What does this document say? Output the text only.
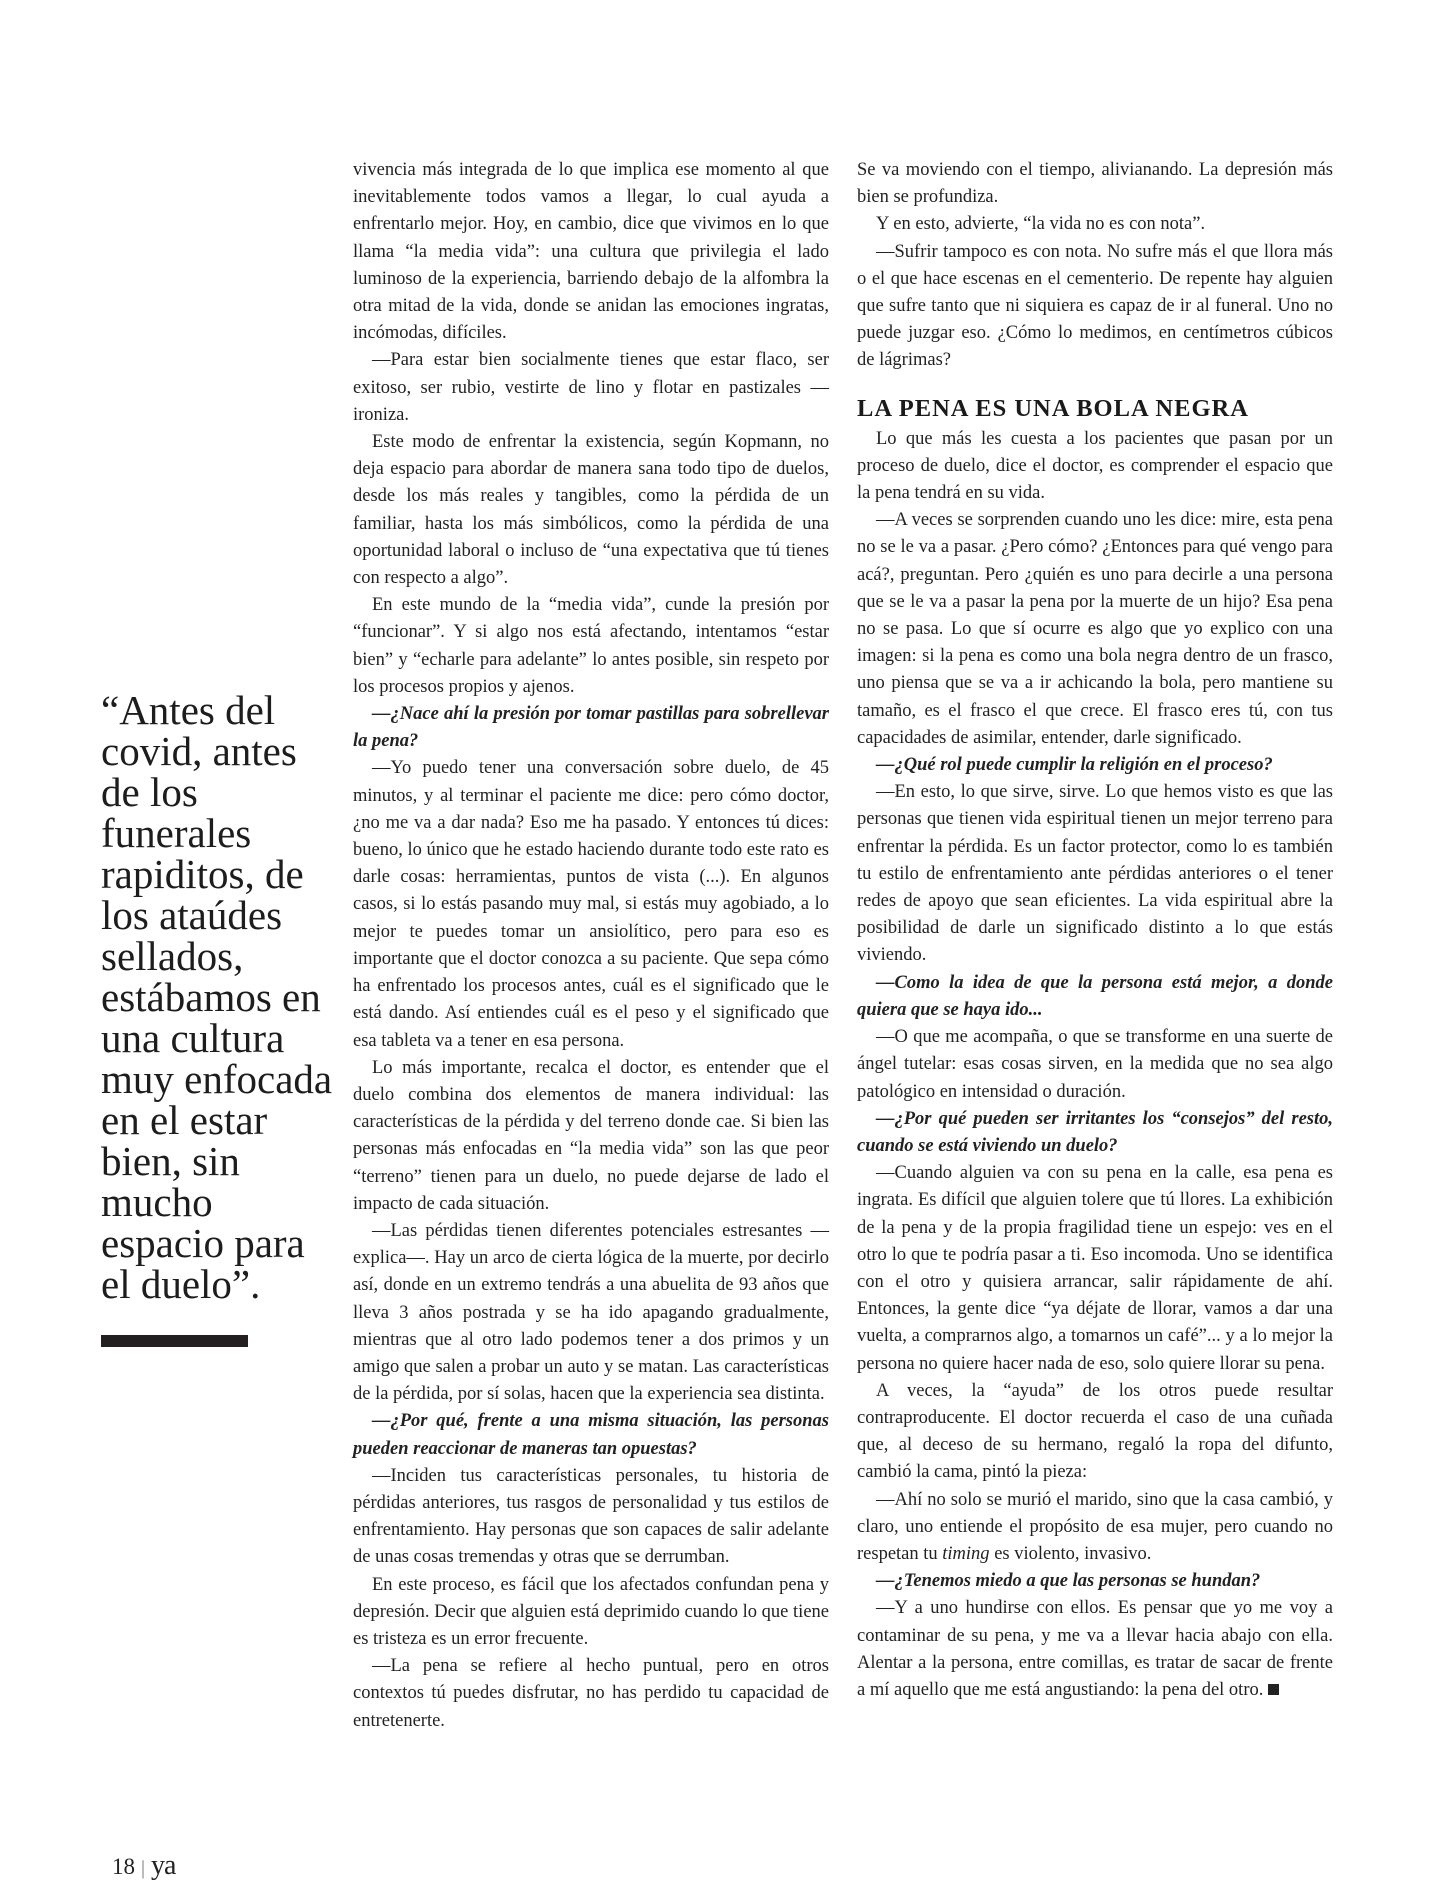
“Antes del covid, antes de los funerales rapiditos, de los ataúdes sellados, estábamos en una cultura muy enfocada en el estar bien, sin mucho espacio para el duelo”.

vivencia más integrada de lo que implica ese momento al que inevitablemente todos vamos a llegar, lo cual ayuda a enfrentarlo mejor. Hoy, en cambio, dice que vivimos en lo que llama “la media vida”: una cultura que privilegia el lado luminoso de la experiencia, barriendo debajo de la alfombra la otra mitad de la vida, donde se anidan las emociones ingratas, incómodas, difíciles.

—Para estar bien socialmente tienes que estar flaco, ser exitoso, ser rubio, vestirte de lino y flotar en pastizales —ironiza.

Este modo de enfrentar la existencia, según Kopmann, no deja espacio para abordar de manera sana todo tipo de duelos, desde los más reales y tangibles, como la pérdida de un familiar, hasta los más simbólicos, como la pérdida de una oportunidad laboral o incluso de “una expectativa que tú tienes con respecto a algo”.

En este mundo de la “media vida”, cunde la presión por “funcionar”. Y si algo nos está afectando, intentamos “estar bien” y “echarle para adelante” lo antes posible, sin respeto por los procesos propios y ajenos.

—¿Nace ahí la presión por tomar pastillas para sobrellevar la pena?

—Yo puedo tener una conversación sobre duelo, de 45 minutos, y al terminar el paciente me dice: pero cómo doctor, ¿no me va a dar nada? Eso me ha pasado. Y entonces tú dices: bueno, lo único que he estado haciendo durante todo este rato es darle cosas: herramientas, puntos de vista (...). En algunos casos, si lo estás pasando muy mal, si estás muy agobiado, a lo mejor te puedes tomar un ansiolítico, pero para eso es importante que el doctor conozca a su paciente. Que sepa cómo ha enfrentado los procesos antes, cuál es el significado que le está dando. Así entiendes cuál es el peso y el significado que esa tableta va a tener en esa persona.

Lo más importante, recalca el doctor, es entender que el duelo combina dos elementos de manera individual: las características de la pérdida y del terreno donde cae. Si bien las personas más enfocadas en “la media vida” son las que peor “terreno” tienen para un duelo, no puede dejarse de lado el impacto de cada situación.

—Las pérdidas tienen diferentes potenciales estresantes —explica—. Hay un arco de cierta lógica de la muerte, por decirlo así, donde en un extremo tendrás a una abuelita de 93 años que lleva 3 años postrada y se ha ido apagando gradualmente, mientras que al otro lado podemos tener a dos primos y un amigo que salen a probar un auto y se matan. Las características de la pérdida, por sí solas, hacen que la experiencia sea distinta.

—¿Por qué, frente a una misma situación, las personas pueden reaccionar de maneras tan opuestas?

—Inciden tus características personales, tu historia de pérdidas anteriores, tus rasgos de personalidad y tus estilos de enfrentamiento. Hay personas que son capaces de salir adelante de unas cosas tremendas y otras que se derrumban.

En este proceso, es fácil que los afectados confundan pena y depresión. Decir que alguien está deprimido cuando lo que tiene es tristeza es un error frecuente.

—La pena se refiere al hecho puntual, pero en otros contextos tú puedes disfrutar, no has perdido tu capacidad de entretenerte.

Se va moviendo con el tiempo, alivianando. La depresión más bien se profundiza.

Y en esto, advierte, “la vida no es con nota”.

—Sufrir tampoco es con nota. No sufre más el que llora más o el que hace escenas en el cementerio. De repente hay alguien que sufre tanto que ni siquiera es capaz de ir al funeral. Uno no puede juzgar eso. ¿Cómo lo medimos, en centímetros cúbicos de lágrimas?

LA PENA ES UNA BOLA NEGRA

Lo que más les cuesta a los pacientes que pasan por un proceso de duelo, dice el doctor, es comprender el espacio que la pena tendrá en su vida.

—A veces se sorprenden cuando uno les dice: mire, esta pena no se le va a pasar. ¿Pero cómo? ¿Entonces para qué vengo para acá?, preguntan. Pero ¿quién es uno para decirle a una persona que se le va a pasar la pena por la muerte de un hijo? Esa pena no se pasa. Lo que sí ocurre es algo que yo explico con una imagen: si la pena es como una bola negra dentro de un frasco, uno piensa que se va a ir achicando la bola, pero mantiene su tamaño, es el frasco el que crece. El frasco eres tú, con tus capacidades de asimilar, entender, darle significado.

—¿Qué rol puede cumplir la religión en el proceso?

—En esto, lo que sirve, sirve. Lo que hemos visto es que las personas que tienen vida espiritual tienen un mejor terreno para enfrentar la pérdida. Es un factor protector, como lo es también tu estilo de enfrentamiento ante pérdidas anteriores o el tener redes de apoyo que sean eficientes. La vida espiritual abre la posibilidad de darle un significado distinto a lo que estás viviendo.

—Como la idea de que la persona está mejor, a donde quiera que se haya ido...

—O que me acompaña, o que se transforme en una suerte de ángel tutelar: esas cosas sirven, en la medida que no sea algo patológico en intensidad o duración.

—¿Por qué pueden ser irritantes los “consejos” del resto, cuando se está viviendo un duelo?

—Cuando alguien va con su pena en la calle, esa pena es ingrata. Es difícil que alguien tolere que tú llores. La exhibición de la pena y de la propia fragilidad tiene un espejo: ves en el otro lo que te podría pasar a ti. Eso incomoda. Uno se identifica con el otro y quisiera arrancar, salir rápidamente de ahí. Entonces, la gente dice “ya déjate de llorar, vamos a dar una vuelta, a comprarnos algo, a tomarnos un café”... y a lo mejor la persona no quiere hacer nada de eso, solo quiere llorar su pena.

A veces, la “ayuda” de los otros puede resultar contraproducente. El doctor recuerda el caso de una cuñada que, al deceso de su hermano, regaló la ropa del difunto, cambió la cama, pintó la pieza:

—Ahí no solo se murió el marido, sino que la casa cambió, y claro, uno entiende el propósito de esa mujer, pero cuando no respetan tu timing es violento, invasivo.

—¿Tenemos miedo a que las personas se hundan?

—Y a uno hundirse con ellos. Es pensar que yo me voy a contaminar de su pena, y me va a llevar hacia abajo con ella. Alentar a la persona, entre comillas, es tratar de sacar de frente a mí aquello que me está angustiando: la pena del otro.

18 | ya
